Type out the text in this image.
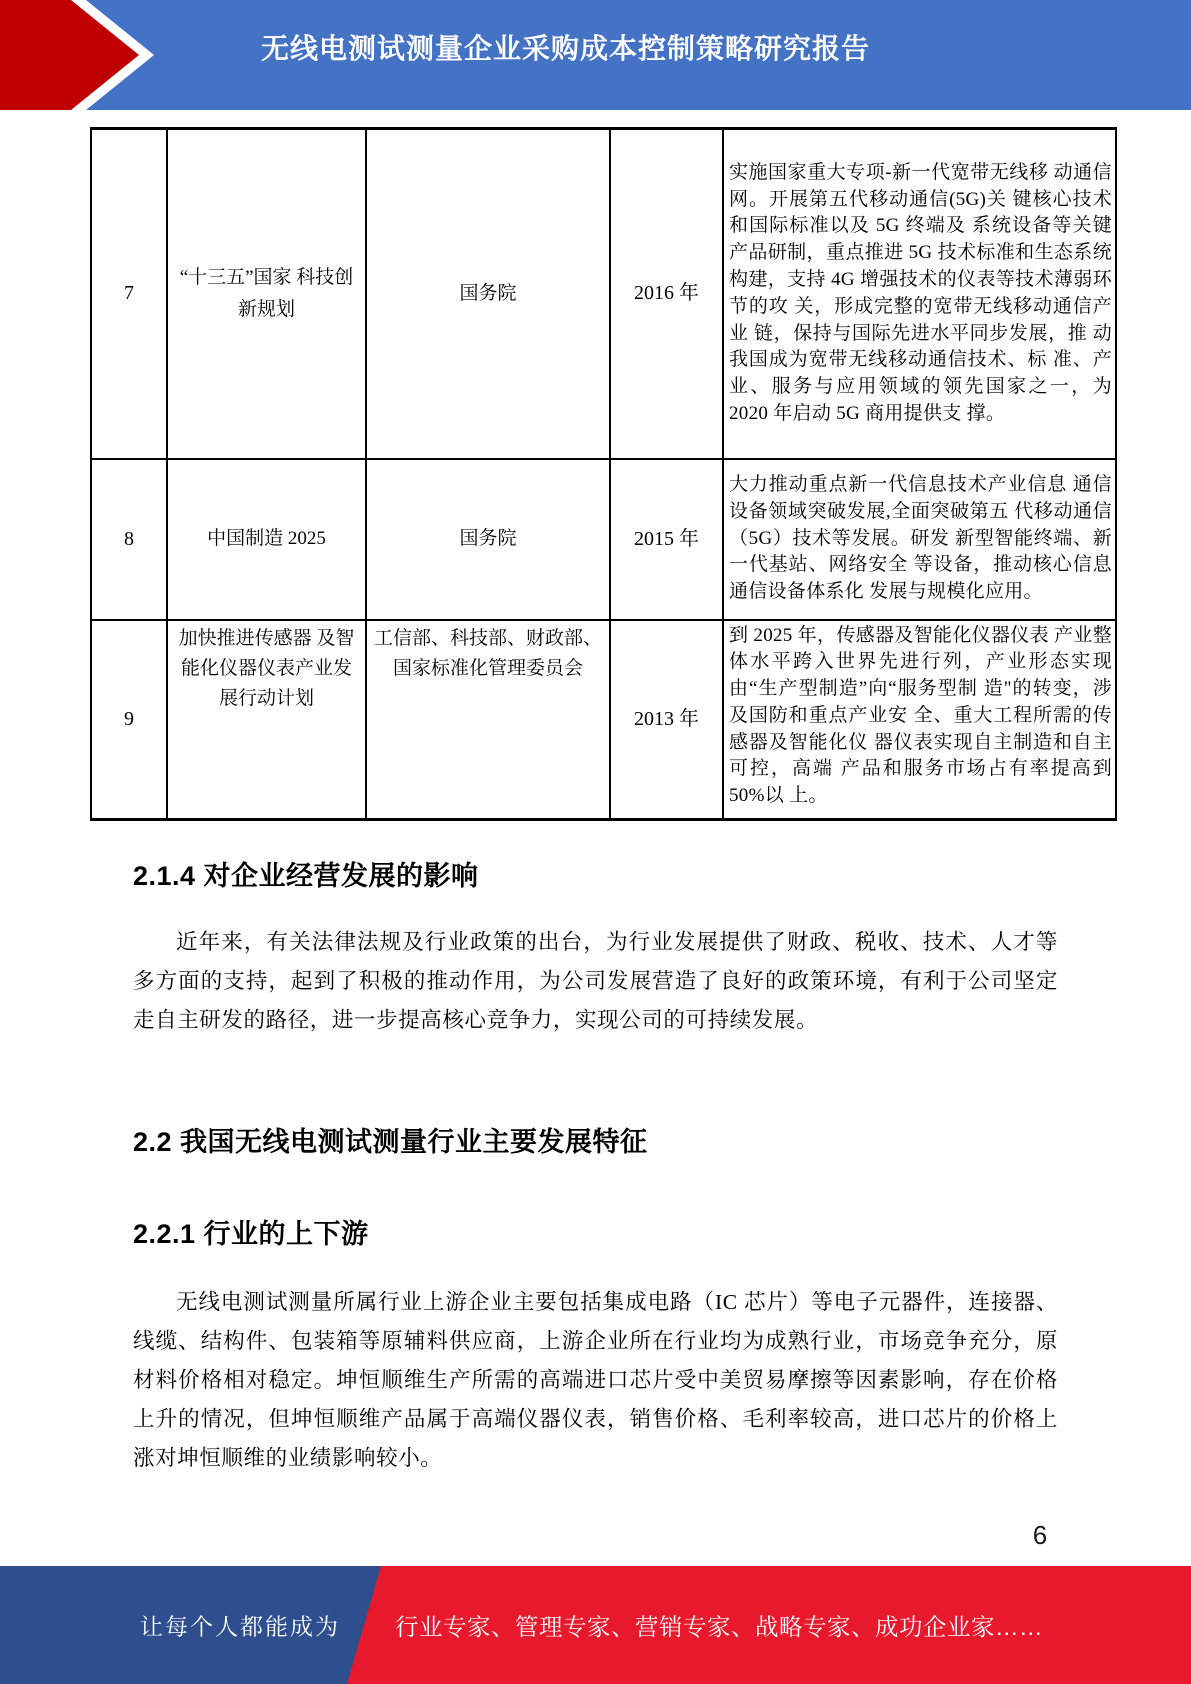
无线电测试测量企业采购成本控制策略研究报告
7	“十三五”国家 科技创新规划	国务院	2016 年	实施国家重大专项-新一代宽带无线移 动通信网。开展第五代移动通信(5G)关 键核心技术和国际标准以及 5G 终端及 系统设备等关键产品研制，重点推进 5G 技术标准和生态系统构建，支持 4G 增强技术的仪表等技术薄弱环节的攻 关，形成完整的宽带无线移动通信产业 链，保持与国际先进水平同步发展，推 动我国成为宽带无线移动通信技术、标 准、产业、服务与应用领域的领先国家之一，为 2020 年启动 5G 商用提供支 撑。
8	中国制造 2025	国务院	2015 年	大力推动重点新一代信息技术产业信息 通信设备领域突破发展,全面突破第五 代移动通信（5G）技术等发展。研发 新型智能终端、新一代基站、网络安全 等设备，推动核心信息通信设备体系化 发展与规模化应用。
9	加快推进传感器 及智能化仪器仪表产业发展行动计划	工信部、科技部、财政部、国家标准化管理委员会	2013 年	到 2025 年，传感器及智能化仪器仪表 产业整体水平跨入世界先进行列，产业形态实现由“生产型制造”向“服务型制 造"的转变，涉及国防和重点产业安 全、重大工程所需的传感器及智能化仪 器仪表实现自主制造和自主可控，高端 产品和服务市场占有率提高到 50%以 上。
2.1.4 对企业经营发展的影响

近年来，有关法律法规及行业政策的出台，为行业发展提供了财政、税收、技术、人才等多方面的支持，起到了积极的推动作用，为公司发展营造了良好的政策环境，有利于公司坚定走自主研发的路径，进一步提高核心竞争力，实现公司的可持续发展。

2.2 我国无线电测试测量行业主要发展特征
2.2.1 行业的上下游

无线电测试测量所属行业上游企业主要包括集成电路（IC 芯片）等电子元器件，连接器、线缆、结构件、包装箱等原辅料供应商，上游企业所在行业均为成熟行业，市场竞争充分，原材料价格相对稳定。坤恒顺维生产所需的高端进口芯片受中美贸易摩擦等因素影响，存在价格上升的情况，但坤恒顺维产品属于高端仪器仪表，销售价格、毛利率较高，进口芯片的价格上涨对坤恒顺维的业绩影响较小。

6
让每个人都能成为	行业专家、管理专家、营销专家、战略专家、成功企业家……
